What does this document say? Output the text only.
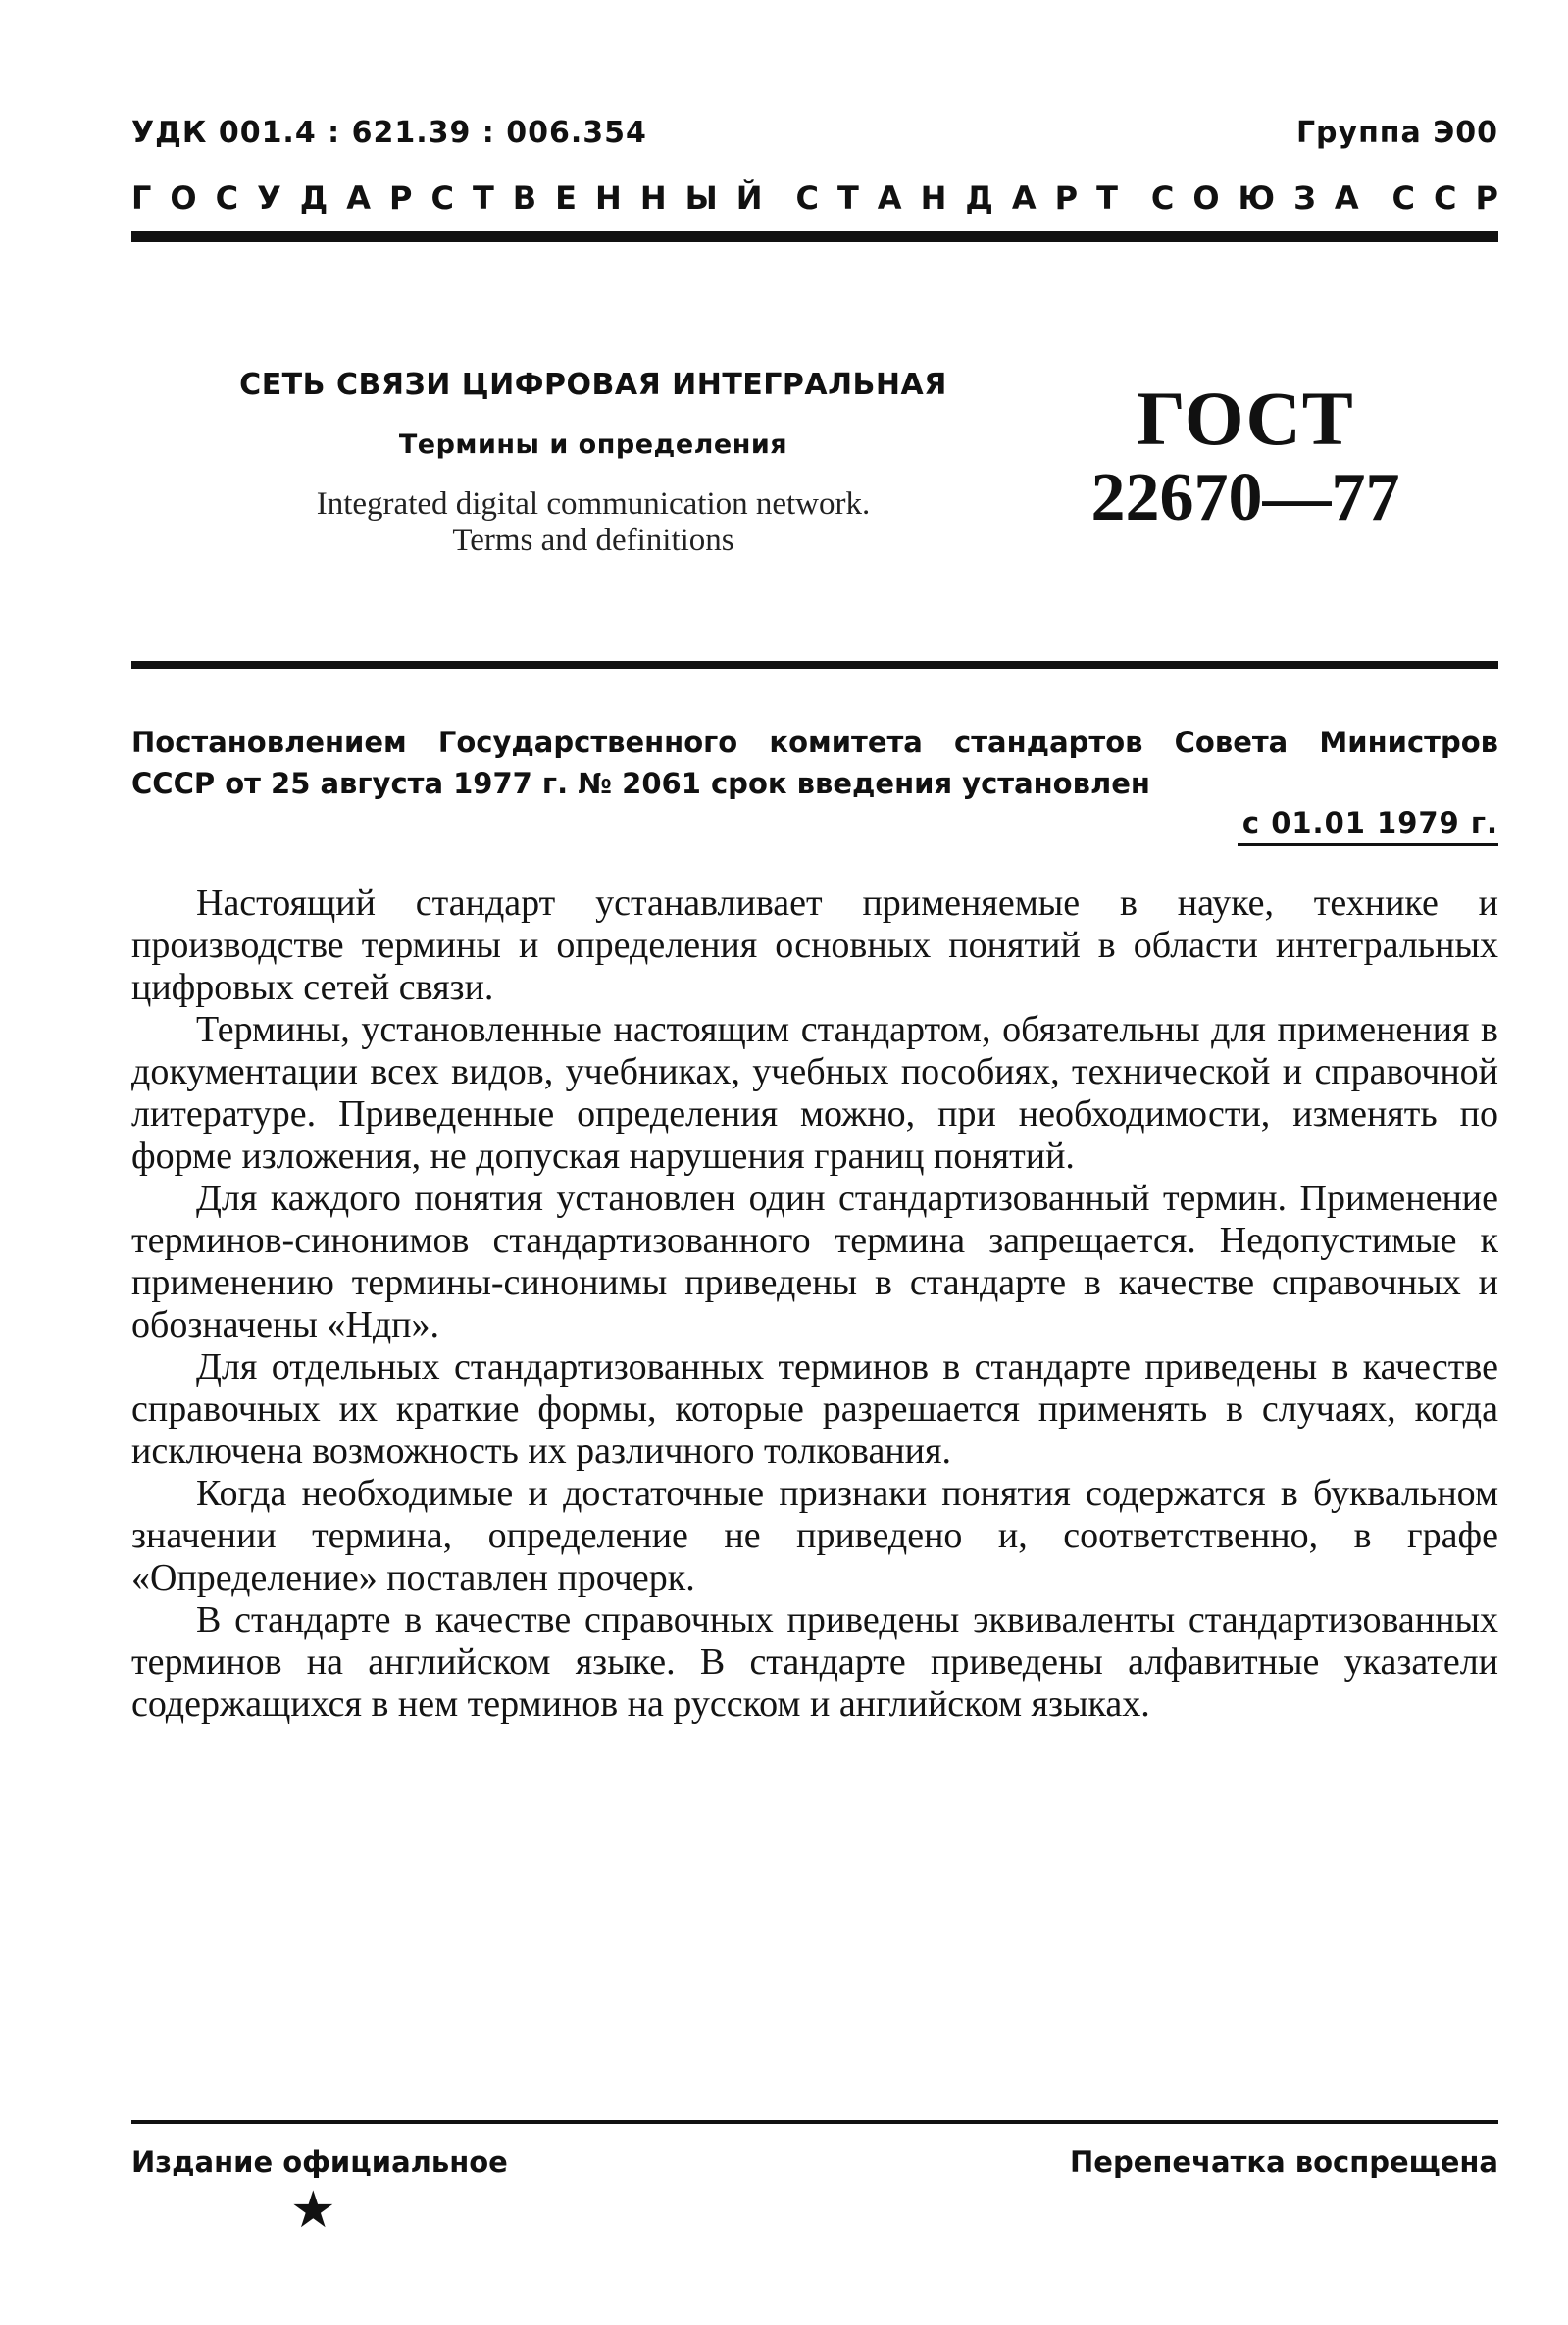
УДК 001.4 : 621.39 : 006.354	Группа Э00
ГОСУДАРСТВЕННЫЙ СТАНДАРТ СОЮЗА ССР
СЕТЬ СВЯЗИ ЦИФРОВАЯ ИНТЕГРАЛЬНАЯ
Термины и определения
Integrated digital communication network.
Terms and definitions
ГОСТ
22670—77
Постановлением Государственного комитета стандартов Совета Министров
СССР от 25 августа 1977 г. № 2061 срок введения установлен
с 01.01 1979 г.

Настоящий стандарт устанавливает применяемые в науке, технике и производстве термины и определения основных понятий в области интегральных цифровых сетей связи.

Термины, установленные настоящим стандартом, обязательны для применения в документации всех видов, учебниках, учебных пособиях, технической и справочной литературе. Приведенные определения можно, при необходимости, изменять по форме изложения, не допуская нарушения границ понятий.

Для каждого понятия установлен один стандартизованный термин. Применение терминов-синонимов стандартизованного термина запрещается. Недопустимые к применению термины-синонимы приведены в стандарте в качестве справочных и обозначены «Ндп».

Для отдельных стандартизованных терминов в стандарте приведены в качестве справочных их краткие формы, которые разрешается применять в случаях, когда исключена возможность их различного толкования.

Когда необходимые и достаточные признаки понятия содержатся в буквальном значении термина, определение не приведено и, соответственно, в графе «Определение» поставлен прочерк.

В стандарте в качестве справочных приведены эквиваленты стандартизованных терминов на английском языке. В стандарте приведены алфавитные указатели содержащихся в нем терминов на русском и английском языках.

Издание официальное	Перепечатка воспрещена
★
